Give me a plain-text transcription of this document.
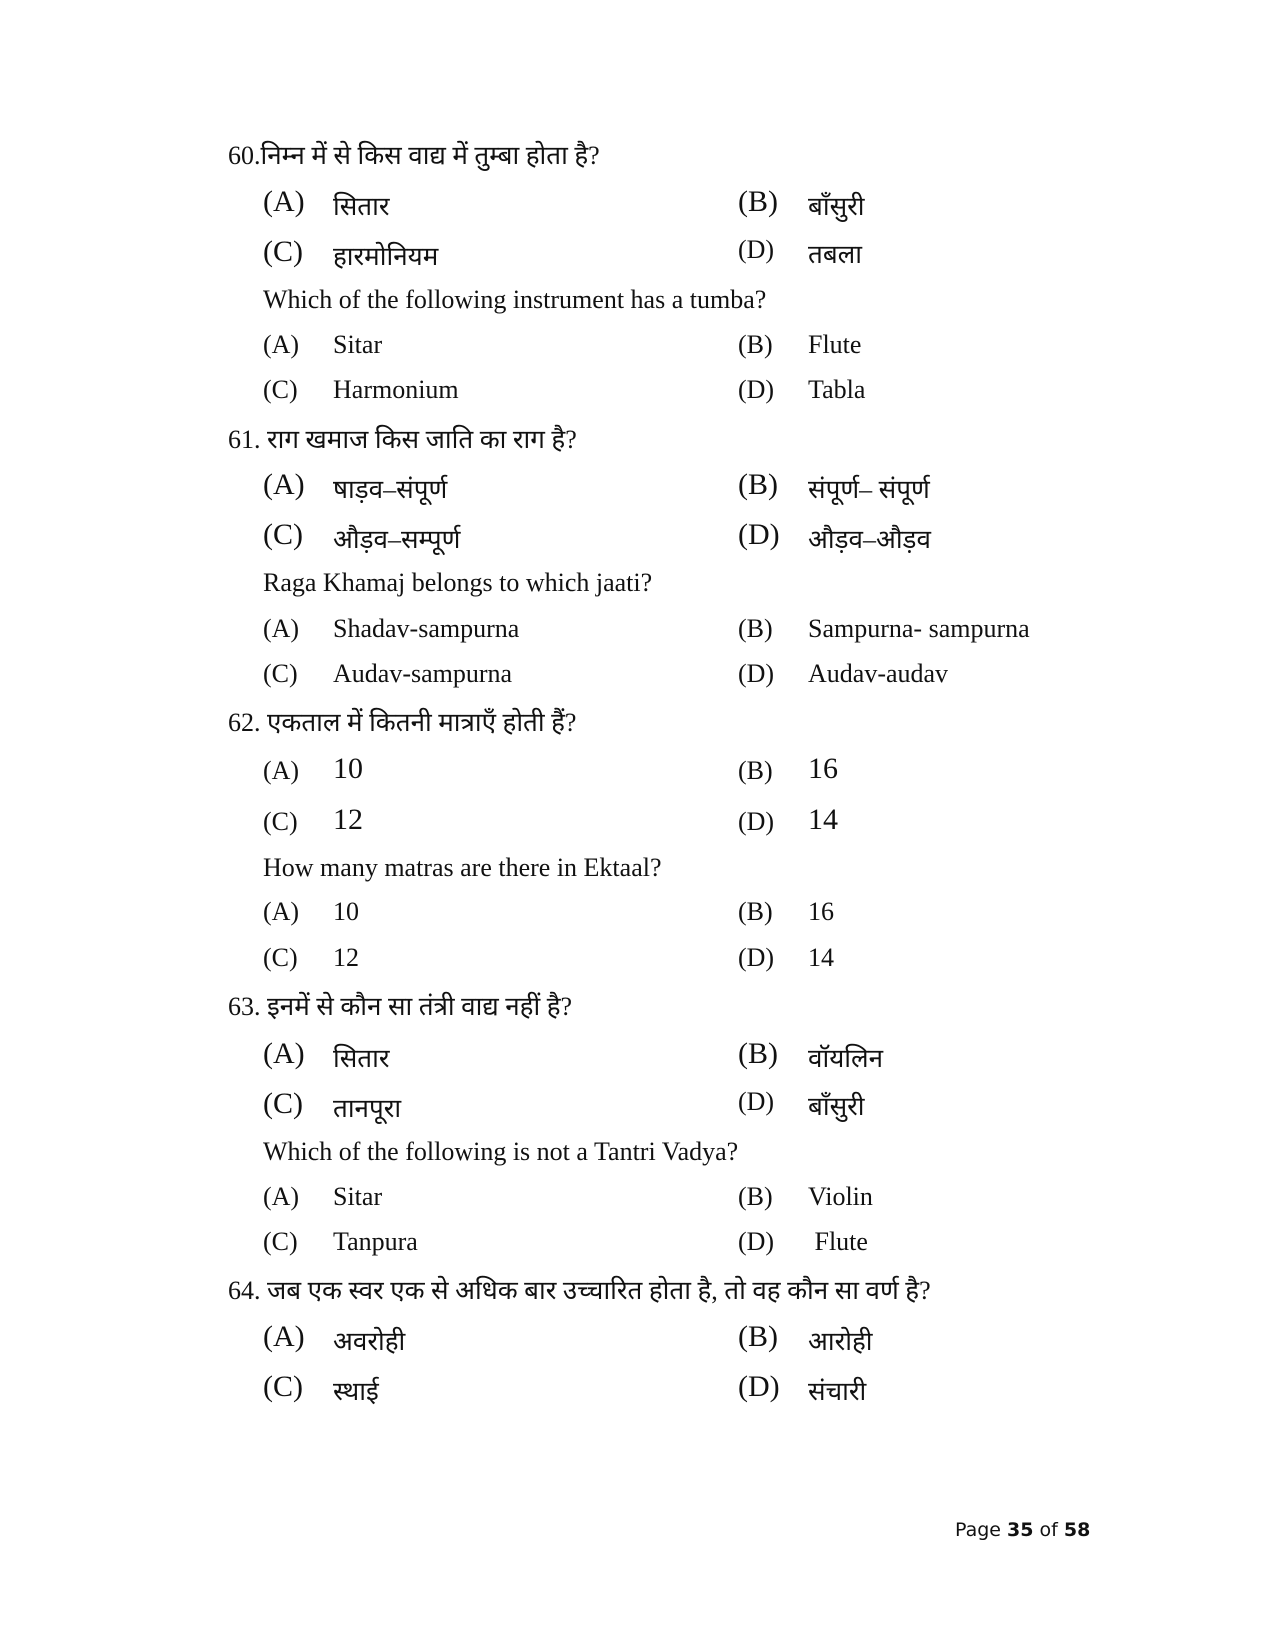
60.निम्न में से किस वाद्य में तुम्बा होता है?
(A) सितार	(B) बाँसुरी
(C) हारमोनियम	(D) तबला
Which of the following instrument has a tumba?
(A) Sitar	(B) Flute
(C) Harmonium	(D) Tabla
61. राग खमाज किस जाति का राग है?
(A) षाड़व–संपूर्ण	(B) संपूर्ण– संपूर्ण
(C) औड़व–सम्पूर्ण	(D) औड़व–औड़व
Raga Khamaj belongs to which jaati?
(A) Shadav-sampurna	(B) Sampurna- sampurna
(C) Audav-sampurna	(D) Audav-audav
62. एकताल में कितनी मात्राएँ होती हैं?
(A) 10	(B) 16
(C) 12	(D) 14
How many matras are there in Ektaal?
(A) 10	(B) 16
(C) 12	(D) 14
63. इनमें से कौन सा तंत्री वाद्य नहीं है?
(A) सितार	(B) वॉयलिन
(C) तानपूरा	(D) बाँसुरी
Which of the following is not a Tantri Vadya?
(A) Sitar	(B) Violin
(C) Tanpura	(D) Flute
64. जब एक स्वर एक से अधिक बार उच्चारित होता है, तो वह कौन सा वर्ण है?
(A) अवरोही	(B) आरोही
(C) स्थाई	(D) संचारी
Page 35 of 58
